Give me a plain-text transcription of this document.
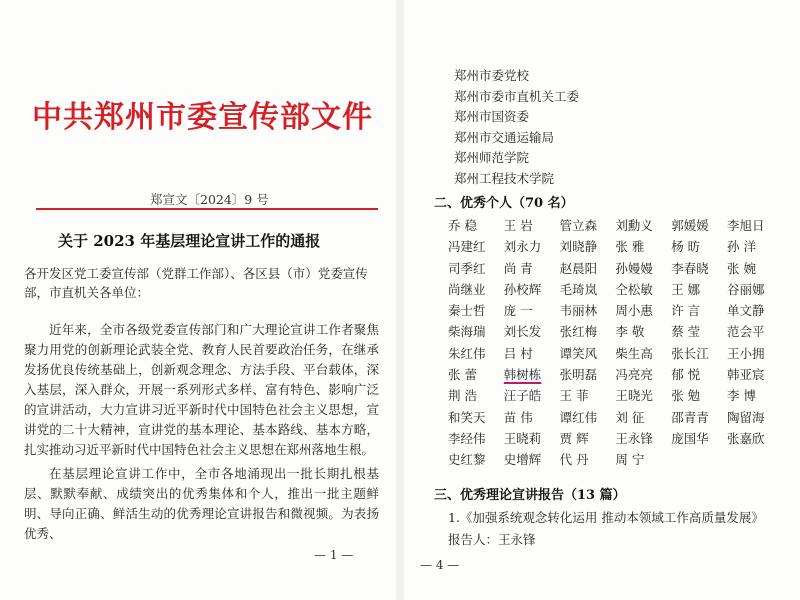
中共郑州市委宣传部文件
郑宣文〔2024〕9 号
关于 2023 年基层理论宣讲工作的通报
各开发区党工委宣传部（党群工作部）、各区县（市）党委宣传部，市直机关各单位：
近年来，全市各级党委宣传部门和广大理论宣讲工作者聚焦聚力用党的创新理论武装全党、教育人民首要政治任务，在继承发扬优良传统基础上，创新观念理念、方法手段、平台载体，深入基层，深入群众，开展一系列形式多样、富有特色、影响广泛的宣讲活动，大力宣讲习近平新时代中国特色社会主义思想，宣讲党的二十大精神，宣讲党的基本理论、基本路线、基本方略，扎实推动习近平新时代中国特色社会主义思想在郑州落地生根。
在基层理论宣讲工作中，全市各地涌现出一批长期扎根基层、默默奉献、成绩突出的优秀集体和个人，推出一批主题鲜明、导向正确、鲜活生动的优秀理论宣讲报告和微视频。为表扬优秀、
— 1 —
郑州市委党校
郑州市委市直机关工委
郑州市国资委
郑州市交通运输局
郑州师范学院
郑州工程技术学院
二、优秀个人（70 名）
乔 稳	王 岩	管立森	刘勳义	郭媛媛	李旭日
冯建红	刘永力	刘晓静	张 雅	杨 昉	孙 洋
司季红	尚 青	赵晨阳	孙嫚嫚	李春晓	张 婉
尚继业	孙校辉	毛琦岚	仝松敏	王 娜	谷丽娜
秦士哲	庞 一	韦丽林	周小惠	许 言	单文静
柴海瑞	刘长发	张红梅	李 敬	蔡 莹	范会平
朱红伟	吕 村	谭笑风	柴生高	张长江	王小拥
张 蕾	韩树栋	张明磊	冯亮亮	郁 悦	韩亚宸
荆 浩	汪子皓	王 菲	王晓光	张 勉	李 博
和笑天	苗 伟	谭红伟	刘 征	邵青青	陶留海
李经伟	王晓莉	贾 辉	王永锋	庞国华	张嘉欣
史红黎	史增辉	代 丹	周 宁
三、优秀理论宣讲报告（13 篇）
1.《加强系统观念转化运用 推动本领域工作高质量发展》
报告人：王永锋
— 4 —
